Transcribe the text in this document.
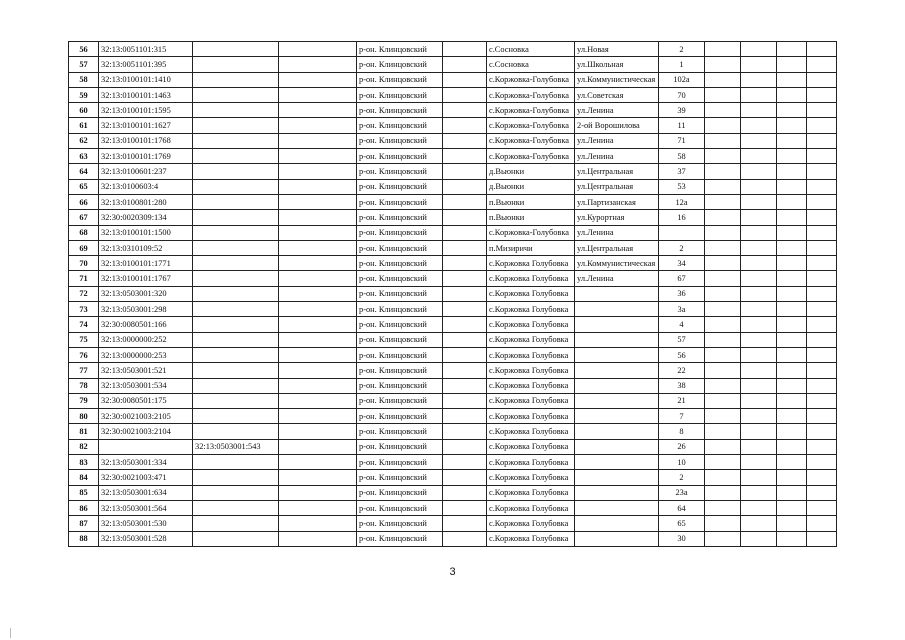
56	32:13:0051101:315			р-он. Клинцовский		с.Сосновка	ул.Новая	2				
57	32:13:0051101:395			р-он. Клинцовский		с.Сосновка	ул.Школьная	1				
58	32:13:0100101:1410			р-он. Клинцовский		с.Коржовка-Голубовка	ул.Коммунистическая	102а				
59	32:13:0100101:1463			р-он. Клинцовский		с.Коржовка-Голубовка	ул.Советская	70				
60	32:13:0100101:1595			р-он. Клинцовский		с.Коржовка-Голубовка	ул.Ленина	39				
61	32:13:0100101:1627			р-он. Клинцовский		с.Коржовка-Голубовка	2-ой Ворошилова	11				
62	32:13:0100101:1768			р-он. Клинцовский		с.Коржовка-Голубовка	ул.Ленина	71				
63	32:13:0100101:1769			р-он. Клинцовский		с.Коржовка-Голубовка	ул.Ленина	58				
64	32:13:0100601:237			р-он. Клинцовский		д.Вьюнки	ул.Центральная	37				
65	32:13:0100603:4			р-он. Клинцовский		д.Вьюнки	ул.Центральная	53				
66	32:13:0100801:280			р-он. Клинцовский		п.Вьюнки	ул.Партизанская	12а				
67	32:30:0020309:134			р-он. Клинцовский		п.Вьюнки	ул.Курортная	16				
68	32:13:0100101:1500			р-он. Клинцовский		с.Коржовка-Голубовка	ул.Ленина					
69	32:13:0310109:52			р-он. Клинцовский		п.Мизиричи	ул.Центральная	2				
70	32:13:0100101:1771			р-он. Клинцовский		с.Коржовка Голубовка	ул.Коммунистическая	34				
71	32:13:0100101:1767			р-он. Клинцовский		с.Коржовка Голубовка	ул.Ленина	67				
72	32:13:0503001:320			р-он. Клинцовский		с.Коржовка Голубовка		36				
73	32:13:0503001:298			р-он. Клинцовский		с.Коржовка Голубовка		3а				
74	32:30:0080501:166			р-он. Клинцовский		с.Коржовка Голубовка		4				
75	32:13:0000000:252			р-он. Клинцовский		с.Коржовка Голубовка		57				
76	32:13:0000000:253			р-он. Клинцовский		с.Коржовка Голубовка		56				
77	32:13:0503001:521			р-он. Клинцовский		с.Коржовка Голубовка		22				
78	32:13:0503001:534			р-он. Клинцовский		с.Коржовка Голубовка		38				
79	32:30:0080501:175			р-он. Клинцовский		с.Коржовка Голубовка		21				
80	32:30:0021003:2105			р-он. Клинцовский		с.Коржовка Голубовка		7				
81	32:30:0021003:2104			р-он. Клинцовский		с.Коржовка Голубовка		8				
82		32:13:0503001:543		р-он. Клинцовский		с.Коржовка Голубовка		26				
83	32:13:0503001:334			р-он. Клинцовский		с.Коржовка Голубовка		10				
84	32:30:0021003:471			р-он. Клинцовский		с.Коржовка Голубовка		2				
85	32:13:0503001:634			р-он. Клинцовский		с.Коржовка Голубовка		23а				
86	32:13:0503001:564			р-он. Клинцовский		с.Коржовка Голубовка		64				
87	32:13:0503001:530			р-он. Клинцовский		с.Коржовка Голубовка		65				
88	32:13:0503001:528			р-он. Клинцовский		с.Коржовка Голубовка		30				
3
